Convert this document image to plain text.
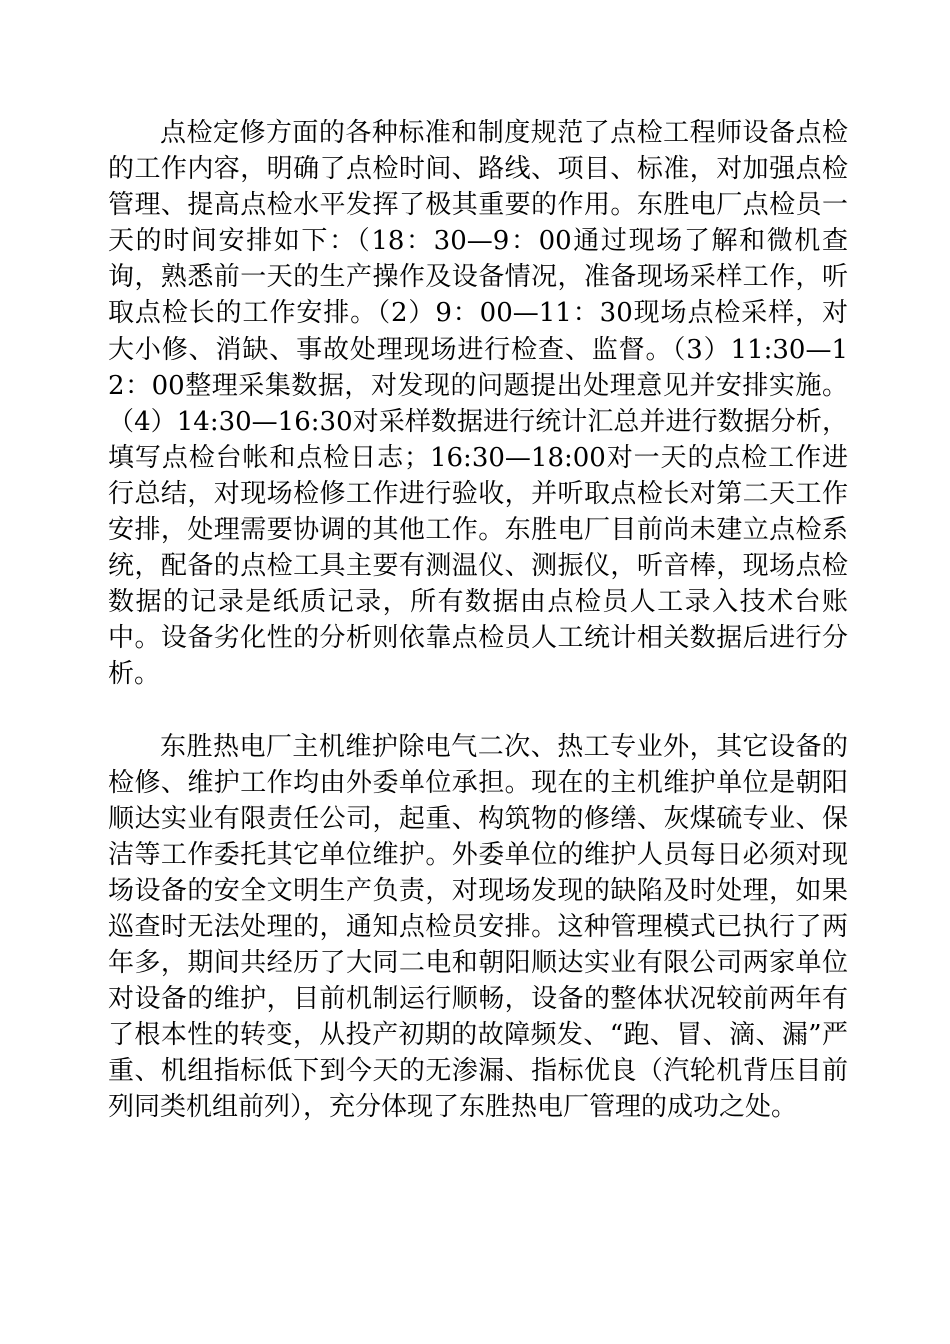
点检定修方面的各种标准和制度规范了点检工程师设备点检的工作内容，明确了点检时间、路线、项目、标准，对加强点检管理、提高点检水平发挥了极其重要的作用。东胜电厂点检员一天的时间安排如下：（18：30—9：00通过现场了解和微机查询，熟悉前一天的生产操作及设备情况，准备现场采样工作，听取点检长的工作安排。（2）9：00—11：30现场点检采样，对大小修、消缺、事故处理现场进行检查、监督。（3）11:30—12：00整理采集数据，对发现的问题提出处理意见并安排实施。（4）14:30—16:30对采样数据进行统计汇总并进行数据分析，填写点检台帐和点检日志；16:30—18:00对一天的点检工作进行总结，对现场检修工作进行验收，并听取点检长对第二天工作安排，处理需要协调的其他工作。东胜电厂目前尚未建立点检系统，配备的点检工具主要有测温仪、测振仪，听音棒，现场点检数据的记录是纸质记录，所有数据由点检员人工录入技术台账中。设备劣化性的分析则依靠点检员人工统计相关数据后进行分析。

东胜热电厂主机维护除电气二次、热工专业外，其它设备的检修、维护工作均由外委单位承担。现在的主机维护单位是朝阳顺达实业有限责任公司，起重、构筑物的修缮、灰煤硫专业、保洁等工作委托其它单位维护。外委单位的维护人员每日必须对现场设备的安全文明生产负责，对现场发现的缺陷及时处理，如果巡查时无法处理的，通知点检员安排。这种管理模式已执行了两年多，期间共经历了大同二电和朝阳顺达实业有限公司两家单位对设备的维护，目前机制运行顺畅，设备的整体状况较前两年有了根本性的转变，从投产初期的故障频发、“跑、冒、滴、漏”严重、机组指标低下到今天的无渗漏、指标优良（汽轮机背压目前列同类机组前列），充分体现了东胜热电厂管理的成功之处。
